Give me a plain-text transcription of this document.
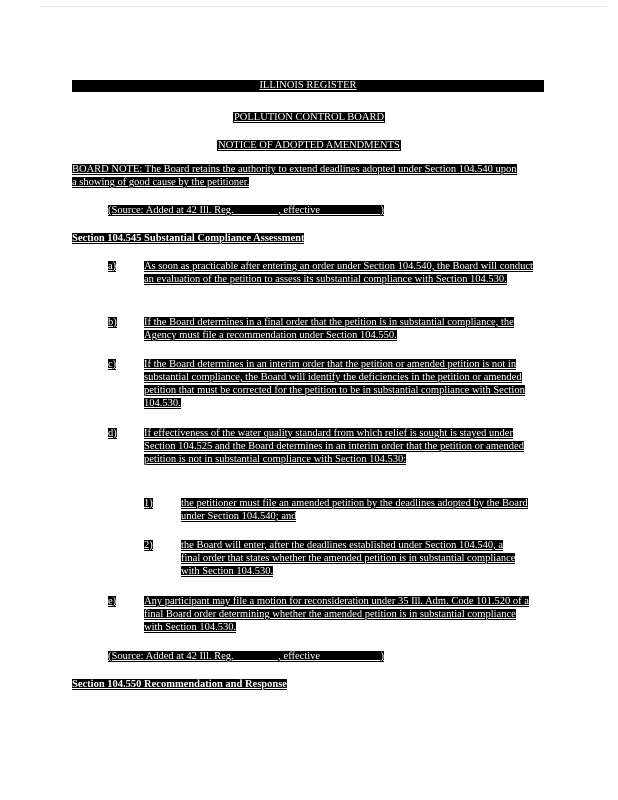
ILLINOIS REGISTER
POLLUTION CONTROL BOARD
NOTICE OF ADOPTED AMENDMENTS
BOARD NOTE: The Board retains the authority to extend deadlines adopted under Section 104.540 upon a showing of good cause by the petitioner.
(Source: Added at 42 Ill. Reg. ________, effective ___________)
Section 104.545 Substantial Compliance Assessment
a)	As soon as practicable after entering an order under Section 104.540, the Board will conduct an evaluation of the petition to assess its substantial compliance with Section 104.530.
b)	If the Board determines in a final order that the petition is in substantial compliance, the Agency must file a recommendation under Section 104.550.
c)	If the Board determines in an interim order that the petition or amended petition is not in substantial compliance, the Board will identify the deficiencies in the petition or amended petition that must be corrected for the petition to be in substantial compliance with Section 104.530.
d)	If effectiveness of the water quality standard from which relief is sought is stayed under Section 104.525 and the Board determines in an interim order that the petition or amended petition is not in substantial compliance with Section 104.530:
1)	the petitioner must file an amended petition by the deadlines adopted by the Board under Section 104.540; and
2)	the Board will enter, after the deadlines established under Section 104.540, a final order that states whether the amended petition is in substantial compliance with Section 104.530.
e)	Any participant may file a motion for reconsideration under 35 Ill. Adm. Code 101.520 of a final Board order determining whether the amended petition is in substantial compliance with Section 104.530.
(Source: Added at 42 Ill. Reg. ________, effective ___________)
Section 104.550 Recommendation and Response
